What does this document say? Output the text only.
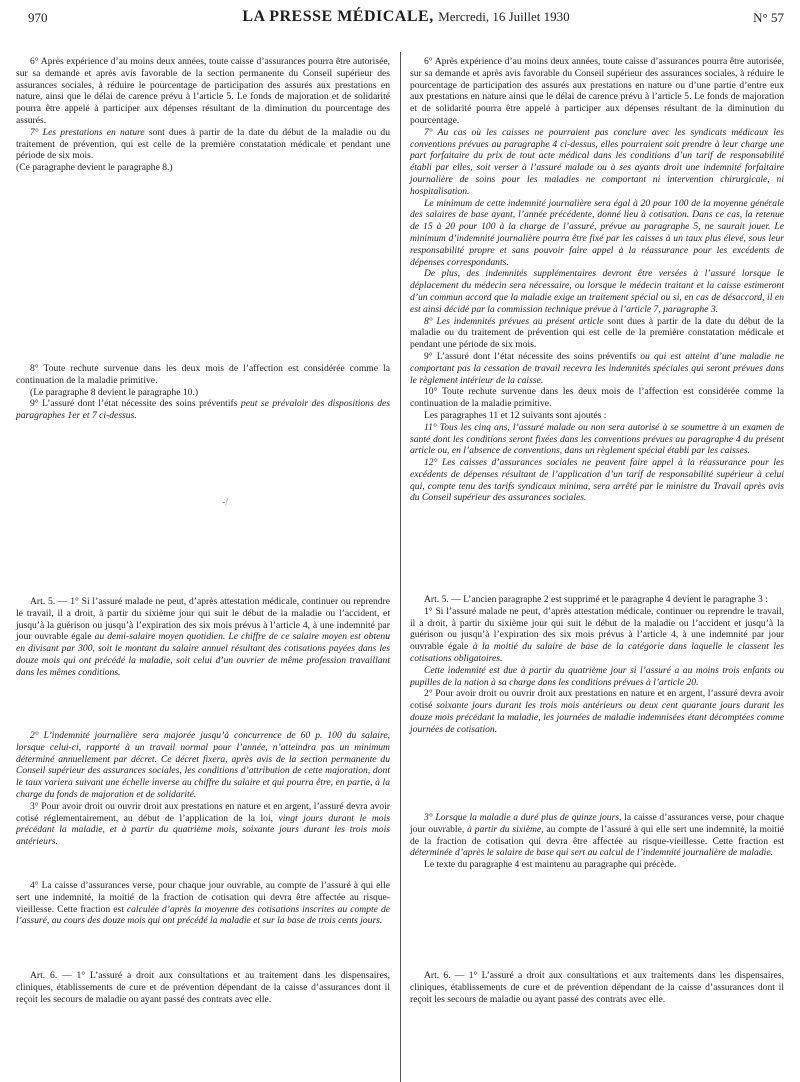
970	LA PRESSE MÉDICALE, Mercredi, 16 Juillet 1930	N° 57

6° Après expérience d’au moins deux années, toute caisse d’assurances pourra être autorisée, sur sa demande et après avis favorable de la section permanente du Conseil supérieur des assurances sociales, à réduire le pourcentage de participation des assurés aux prestations en nature, ainsi que le délai de carence prévu à l’article 5. Le fonds de majoration et de solidarité pourra être appelé à participer aux dépenses résultant de la diminution du pourcentage des assurés.

7° Les prestations en nature sont dues à partir de la date du début de la maladie ou du traitement de prévention, qui est celle de la première constatation médicale et pendant une période de six mois.

(Ce paragraphe devient le paragraphe 8.)

8° Toute rechute survenue dans les deux mois de l’affection est considérée comme la continuation de la maladie primitive.

(Le paragraphe 8 devient le paragraphe 10.)

9° L’assuré dont l’état nécessite des soins préventifs peut se prévaloir des dispositions des paragraphes 1er et 7 ci-dessus.

-/

Art. 5. — 1° Si l’assuré malade ne peut, d’après attestation médicale, continuer ou reprendre le travail, il a droit, à partir du sixième jour qui suit le début de la maladie ou l’accident, et jusqu’à la guérison ou jusqu’à l’expiration des six mois prévus à l’article 4, à une indemnité par jour ouvrable égale au demi-salaire moyen quotidien. Le chiffre de ce salaire moyen est obtenu en divisant par 300, soit le montant du salaire annuel résultant des cotisations payées dans les douze mois qui ont précédé la maladie, soit celui d’un ouvrier de même profession travaillant dans les mêmes conditions.

2° L’indemnité journalière sera majorée jusqu’à concurrence de 60 p. 100 du salaire, lorsque celui-ci, rapporté à un travail normal pour l’année, n’atteindra pas un minimum déterminé annuellement par décret. Ce décret fixera, après avis de la section permanente du Conseil supérieur des assurances sociales, les conditions d’attribution de cette majoration, dont le taux variera suivant une échelle inverse au chiffre du salaire et qui pourra être, en partie, à la charge du fonds de majoration et de solidarité.

3° Pour avoir droit ou ouvrir droit aux prestations en nature et en argent, l’assuré devra avoir cotisé réglementairement, au début de l’application de la loi, vingt jours durant le mois précédant la maladie, et à partir du quatrième mois, soixante jours durant les trois mois antérieurs.

4° La caisse d’assurances verse, pour chaque jour ouvrable, au compte de l’assuré à qui elle sert une indemnité, la moitié de la fraction de cotisation qui devra être affectée au risque-vieillesse. Cette fraction est calculée d’après la moyenne des cotisations inscrites au compte de l’assuré, au cours des douze mois qui ont précédé la maladie et sur la base de trois cents jours.

Art. 6. — 1° L’assuré a droit aux consultations et au traitement dans les dispensaires, cliniques, établissements de cure et de prévention dépendant de la caisse d’assurances dont il reçoit les secours de maladie ou ayant passé des contrats avec elle.

6° Après expérience d’au moins deux années, toute caisse d’assurances pourra être autorisée, sur sa demande et après avis favorable du Conseil supérieur des assurances sociales, à réduire le pourcentage de participation des assurés aux prestations en nature ou d’une partie d’entre eux aux prestations en nature ainsi que le délai de carence prévu à l’article 5. Le fonds de majoration et de solidarité pourra être appelé à participer aux dépenses résultant de la diminution du pourcentage.

7° Au cas où les caisses ne pourraient pas conclure avec les syndicats médicaux les conventions prévues au paragraphe 4 ci-dessus, elles pourraient soit prendre à leur charge une part forfaitaire du prix de tout acte médical dans les conditions d’un tarif de responsabilité établi par elles, soit verser à l’assuré malade ou à ses ayants droit une indemnité forfaitaire journalière de soins pour les maladies ne comportant ni intervention chirurgicale, ni hospitalisation.

Le minimum de cette indemnité journalière sera égal à 20 pour 100 de la moyenne générale des salaires de base ayant, l’année précédente, donné lieu à cotisation. Dans ce cas, la retenue de 15 à 20 pour 100 à la charge de l’assuré, prévue au paragraphe 5, ne saurait jouer. Le minimum d’indemnité journalière pourra être fixé par les caisses à un taux plus élevé, sous leur responsabilité propre et sans pouvoir faire appel à la réassurance pour les excédents de dépenses correspondants.

De plus, des indemnités supplémentaires devront être versées à l’assuré lorsque le déplacement du médecin sera nécessaire, ou lorsque le médecin traitant et la caisse estimeront d’un commun accord que la maladie exige un traitement spécial ou si, en cas de désaccord, il en est ainsi décidé par la commission technique prévue à l’article 7, paragraphe 3.

8° Les indemnités prévues au présent article sont dues à partir de la date du début de la maladie ou du traitement de prévention qui est celle de la première constatation médicale et pendant une période de six mois.

9° L’assuré dont l’état nécessite des soins préventifs ou qui est atteint d’une maladie ne comportant pas la cessation de travail recevra les indemnités spéciales qui seront prévues dans le règlement intérieur de la caisse.

10° Toute rechute survenue dans les deux mois de l’affection est considérée comme la continuation de la maladie primitive.

Les paragraphes 11 et 12 suivants sont ajoutés :

11° Tous les cinq ans, l’assuré malade ou non sera autorisé à se soumettre à un examen de santé dont les conditions seront fixées dans les conventions prévues au paragraphe 4 du présent article ou, en l’absence de conventions, dans un règlement spécial établi par les caisses.

12° Les caisses d’assurances sociales ne peuvent faire appel à la réassurance pour les excédents de dépenses résultant de l’application d’un tarif de responsabilité supérieur à celui qui, compte tenu des tarifs syndicaux minima, sera arrêté par le ministre du Travail après avis du Conseil supérieur des assurances sociales.

Art. 5. — L’ancien paragraphe 2 est supprimé et le paragraphe 4 devient le paragraphe 3 :

1° Si l’assuré malade ne peut, d’après attestation médicale, continuer ou reprendre le travail, il a droit, à partir du sixième jour qui suit le début de la maladie ou l’accident et jusqu’à la guérison ou jusqu’à l’expiration des six mois prévus à l’article 4, à une indemnité par jour ouvrable égale à la moitié du salaire de base de la catégorie dans laquelle le classent les cotisations obligatoires.

Cette indemnité est due à partir du quatrième jour si l’assuré a au moins trois enfants ou pupilles de la nation à sa charge dans les conditions prévues à l’article 20.

2° Pour avoir droit ou ouvrir droit aux prestations en nature et en argent, l’assuré devra avoir cotisé soixante jours durant les trois mois antérieurs ou deux cent quarante jours durant les douze mois précédant la maladie, les journées de maladie indemnisées étant décomptées comme journées de cotisation.

3° Lorsque la maladie a duré plus de quinze jours, la caisse d’assurances verse, pour chaque jour ouvrable, à partir du sixième, au compte de l’assuré à qui elle sert une indemnité, la moitié de la fraction de cotisation qui devra être affectée au risque-vieillesse. Cette fraction est déterminée d’après le salaire de base qui sert au calcul de l’indemnité journalière de maladie.

Le texte du paragraphe 4 est maintenu au paragraphe qui précède.

Art. 6. — 1° L’assuré a droit aux consultations et aux traitements dans les dispensaires, cliniques, établissements de cure et de prévention dépendant de la caisse d’assurances dont il reçoit les secours de maladie ou ayant passé des contrats avec elle.
